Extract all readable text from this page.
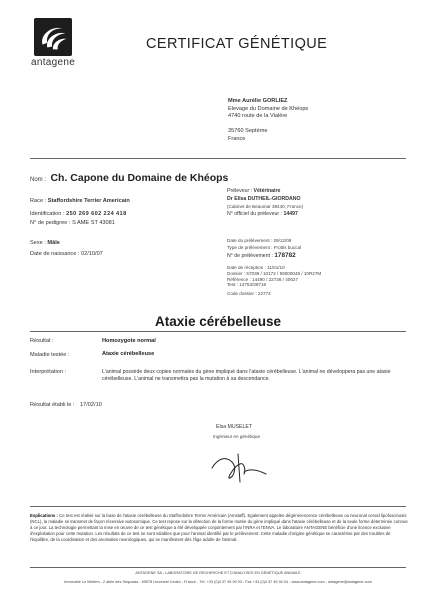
antagene
CERTIFICAT GÉNÉTIQUE
Mme Aurélie GORLIEZ
Elevage du Domaine de Khéops
4740 route de la Vialère
35760 Septème
France
Nom : Ch. Capone du Domaine de Khéops
Race : Staffordshire Terrier Americain
Identification : 250 269 602 224 418
N° de pedigree : S AME ST 43081
Sexe : Mâle
Date de naissance : 02/10/07
Préleveur : Vétérinaire
Dr Elisa DUTHEIL-GIORDANO
(Cabinet de Beaumar 38440, France)
N° officiel du préleveur : 14497
Date du prélèvement : 29/12/09
Type de prélèvement : Frottis buccal
N° de prélèvement : 178782
Date de réception : 11/01/10
Dossier : 57038 / 10172 / 59000048 / 10R27M
Référence : 14490 / 22738 / 40627
Test : 14753/39718
Code dossier : 22772
Ataxie cérébelleuse
Résultat :	Homozygote normal
Maladie testée :	Ataxie cérébelleuse
Interprétation :	L'animal possède deux copies normales du gène impliqué dans l'ataxie cérébelleuse. L'animal ne développera pas une ataxie cérébelleuse. L'animal ne transmettra pas la mutation à sa descendance.
Résultat établi le : 17/02/10
Elsa MUSELET
Ingénieur en génétique
Explications : Ce test est réalisé sur la base de l'ataxie cérébelleuse du Staffordshire Terrier Américain (Amstaff). Egalement appelée dégénérescence cérébelleuse ou neuronal ceroid lipofuscinosis (NCL), la maladie se transmet de façon récessive autosomique. Ce test repose sur la détection de la forme mutée du gène impliqué dans l'ataxie cérébelleuse et de la seule forme déterminée connue à ce jour. La technologie permettant la mise en œuvre de ce test génétique a été développée conjointement par l'INRA et l'ENVA. Le laboratoire ANTAGENE bénéficie d'une licence exclusive d'exploitation pour cette mutation. Les résultats de ce test ne sont valables que pour l'animal identifié par le prélèvement. Cette maladie d'origine génétique se caractérise par des troubles de l'équilibre, de la coordination et des anomalies neurologiques, qui se manifestent dès l'âge adulte de l'animal.
ANTAGENE SA - LABORATOIRE DE RECHERCHE ET D'ANALYSES EN GÉNÉTIQUE ANIMALE
Immeuble Le Meltem - 2 allée des Séquoias - 69578 Limonest Cedex - France - Tél. +33 (0)4 37 49 90 03 - Fax +33 (0)4 37 49 90 04 - www.antagene.com - antagene@antagene.com
